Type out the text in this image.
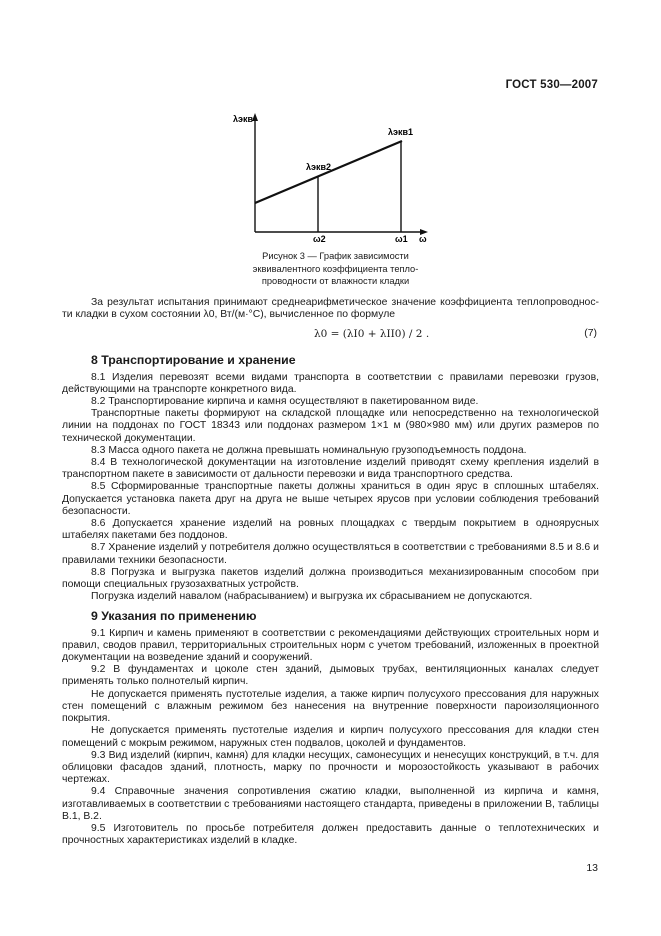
ГОСТ 530—2007
λэкв
λэкв1
λэкв2
ω2	ω1 ω
Рисунок 3 — График зависимости
эквивалентного коэффициента тепло-
проводности от влажности кладки

За результат испытания принимают среднеарифметическое значение коэффициента теплопроводнос-

ти кладки в сухом состоянии λ0, Вт/(м·°С), вычисленное по формуле

λ0 = (λI0 + λII0) / 2 .	(7)
8 Транспортирование и хранение

8.1 Изделия перевозят всеми видами транспорта в соответствии с правилами перевозки грузов, действующими на транспорте конкретного вида.

8.2 Транспортирование кирпича и камня осуществляют в пакетированном виде.

Транспортные пакеты формируют на складской площадке или непосредственно на технологической линии на поддонах по ГОСТ 18343 или поддонах размером 1×1 м (980×980 мм) или других размеров по технической документации.

8.3 Масса одного пакета не должна превышать номинальную грузоподъемность поддона.

8.4 В технологической документации на изготовление изделий приводят схему крепления изделий в транспортном пакете в зависимости от дальности перевозки и вида транспортного средства.

8.5 Сформированные транспортные пакеты должны храниться в один ярус в сплошных штабелях. Допускается установка пакета друг на друга не выше четырех ярусов при условии соблюдения требований безопасности.

8.6 Допускается хранение изделий на ровных площадках с твердым покрытием в одноярусных штабелях пакетами без поддонов.

8.7 Хранение изделий у потребителя должно осуществляться в соответствии с требованиями 8.5 и 8.6 и правилами техники безопасности.

8.8 Погрузка и выгрузка пакетов изделий должна производиться механизированным способом при помощи специальных грузозахватных устройств.

Погрузка изделий навалом (набрасыванием) и выгрузка их сбрасыванием не допускаются.

9 Указания по применению

9.1 Кирпич и камень применяют в соответствии с рекомендациями действующих строительных норм и правил, сводов правил, территориальных строительных норм с учетом требований, изложенных в проектной документации на возведение зданий и сооружений.

9.2 В фундаментах и цоколе стен зданий, дымовых трубах, вентиляционных каналах следует применять только полнотелый кирпич.

Не допускается применять пустотелые изделия, а также кирпич полусухого прессования для наружных стен помещений с влажным режимом без нанесения на внутренние поверхности пароизоляционного покрытия.

Не допускается применять пустотелые изделия и кирпич полусухого прессования для кладки стен помещений с мокрым режимом, наружных стен подвалов, цоколей и фундаментов.

9.3 Вид изделий (кирпич, камня) для кладки несущих, самонесущих и ненесущих конструкций, в т.ч. для облицовки фасадов зданий, плотность, марку по прочности и морозостойкость указывают в рабочих чертежах.

9.4 Справочные значения сопротивления сжатию кладки, выполненной из кирпича и камня, изготавливаемых в соответствии с требованиями настоящего стандарта, приведены в приложении В, таблицы В.1, В.2.

9.5 Изготовитель по просьбе потребителя должен предоставить данные о теплотехнических и прочностных характеристиках изделий в кладке.

13
